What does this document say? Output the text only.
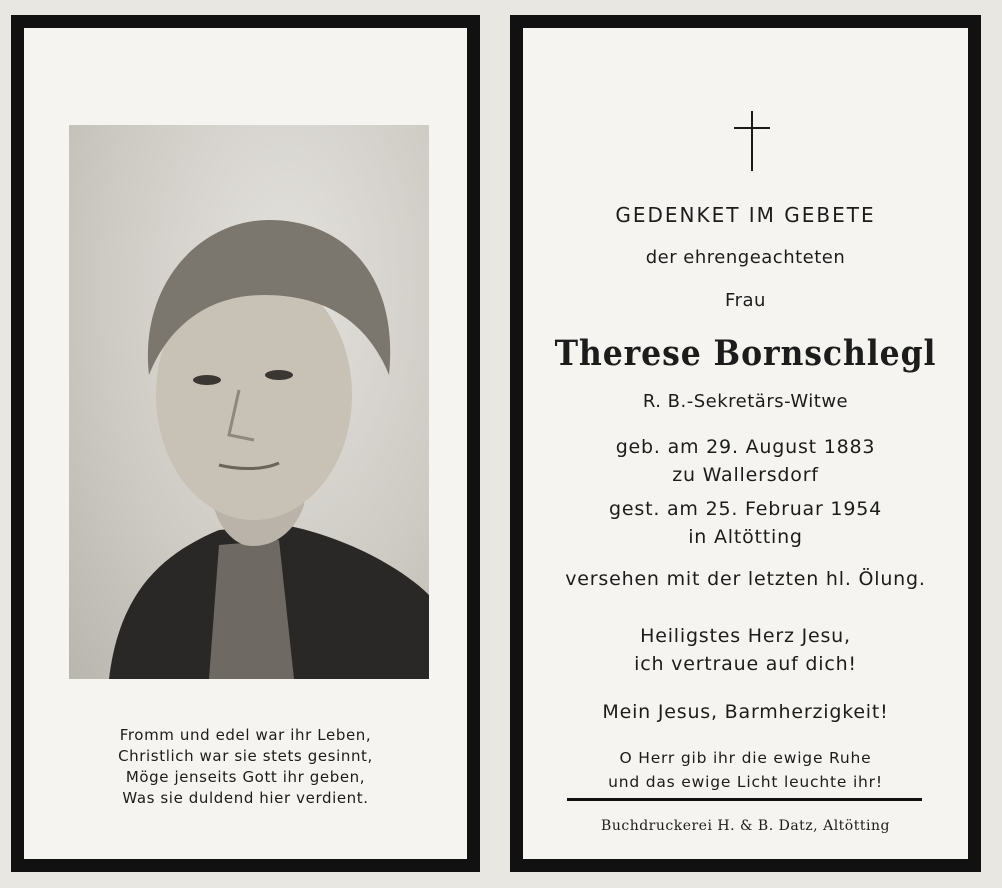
Fromm und edel war ihr Leben,
Christlich war sie stets gesinnt,
Möge jenseits Gott ihr geben,
Was sie duldend hier verdient.
GEDENKET IM GEBETE
der ehrengeachteten
Frau
Therese Bornschlegl
R. B.-Sekretärs-Witwe
geb. am 29. August 1883
zu Wallersdorf
gest. am 25. Februar 1954
in Altötting
versehen mit der letzten hl. Ölung.
Heiligstes Herz Jesu,
ich vertraue auf dich!
Mein Jesus, Barmherzigkeit!
O Herr gib ihr die ewige Ruhe
und das ewige Licht leuchte ihr!
Buchdruckerei H. & B. Datz, Altötting
